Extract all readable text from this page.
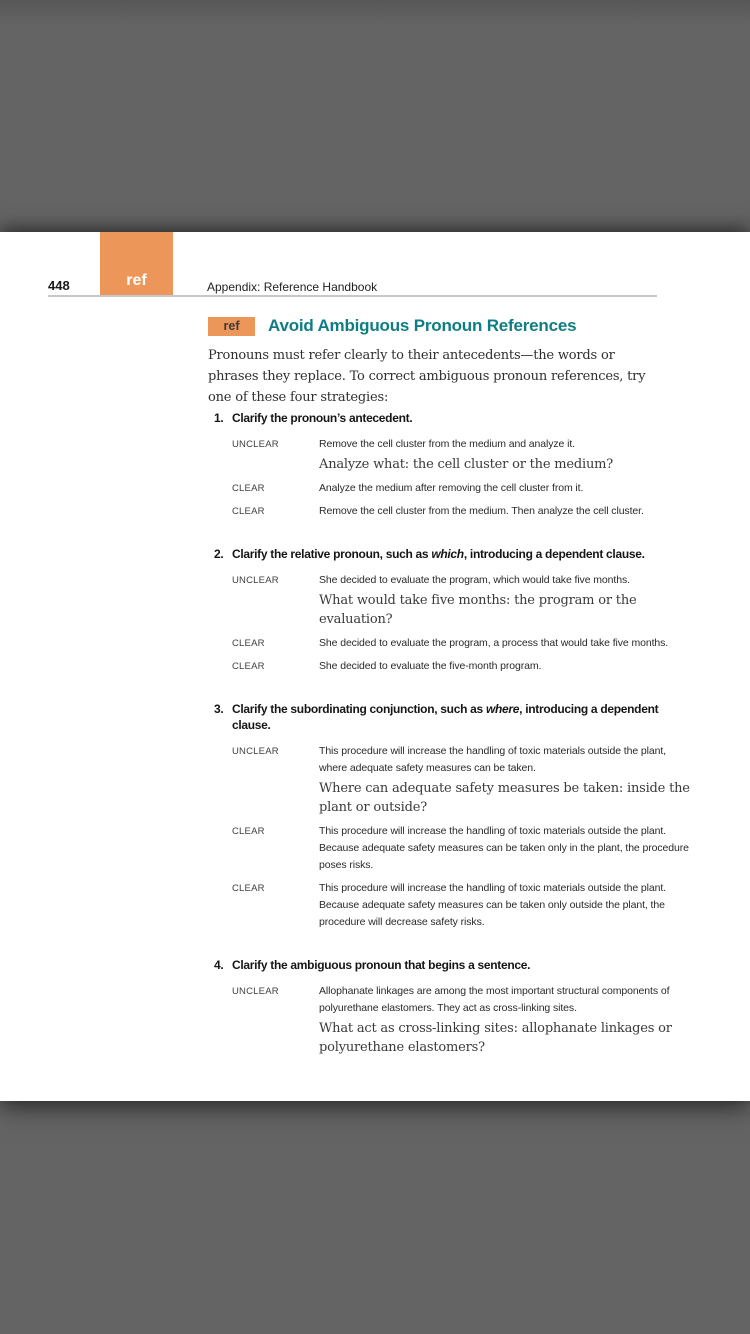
448	ref	Appendix: Reference Handbook
ref Avoid Ambiguous Pronoun References

Pronouns must refer clearly to their antecedents—the words or phrases they replace. To correct ambiguous pronoun references, try one of these four strategies:

1. Clarify the pronoun’s antecedent.
UNCLEAR	Remove the cell cluster from the medium and analyze it.
Analyze what: the cell cluster or the medium?
CLEAR	Analyze the medium after removing the cell cluster from it.
CLEAR	Remove the cell cluster from the medium. Then analyze the cell cluster.
2. Clarify the relative pronoun, such as which, introducing a dependent clause.
UNCLEAR	She decided to evaluate the program, which would take five months.
What would take five months: the program or the evaluation?
CLEAR	She decided to evaluate the program, a process that would take five months.
CLEAR	She decided to evaluate the five-month program.
3. Clarify the subordinating conjunction, such as where, introducing a dependent clause.
UNCLEAR	This procedure will increase the handling of toxic materials outside the plant, where adequate safety measures can be taken.
Where can adequate safety measures be taken: inside the plant or outside?
CLEAR	This procedure will increase the handling of toxic materials outside the plant. Because adequate safety measures can be taken only in the plant, the procedure poses risks.
CLEAR	This procedure will increase the handling of toxic materials outside the plant. Because adequate safety measures can be taken only outside the plant, the procedure will decrease safety risks.
4. Clarify the ambiguous pronoun that begins a sentence.
UNCLEAR	Allophanate linkages are among the most important structural components of polyurethane elastomers. They act as cross-linking sites.
What act as cross-linking sites: allophanate linkages or polyurethane elastomers?
